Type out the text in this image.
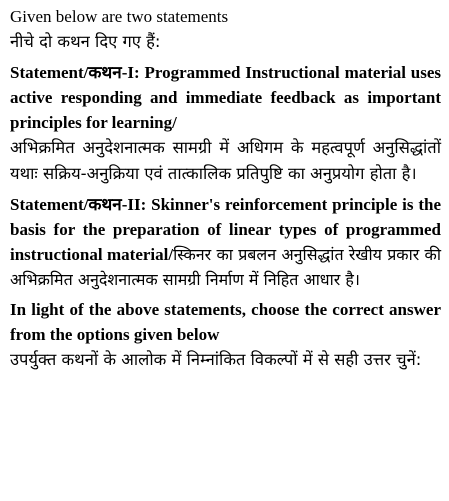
Given below are two statements
नीचे दो कथन दिए गए हैं:
Statement/कथन-I: Programmed Instructional material uses active responding and immediate feedback as important principles for learning/
अभिक्रमित अनुदेशनात्मक सामग्री में अधिगम के महत्वपूर्ण अनुसिद्धांतों यथाः सक्रिय-अनुक्रिया एवं तात्कालिक प्रतिपुष्टि का अनुप्रयोग होता है।
Statement/कथन-II: Skinner's reinforcement principle is the basis for the preparation of linear types of programmed instructional material/स्किनर का प्रबलन अनुसिद्धांत रेखीय प्रकार की अभिक्रमित अनुदेशनात्मक सामग्री निर्माण में निहित आधार है।
In light of the above statements, choose the correct answer from the options given below
उपर्युक्त कथनों के आलोक में निम्नांकित विकल्पों में से सही उत्तर चुनें:
